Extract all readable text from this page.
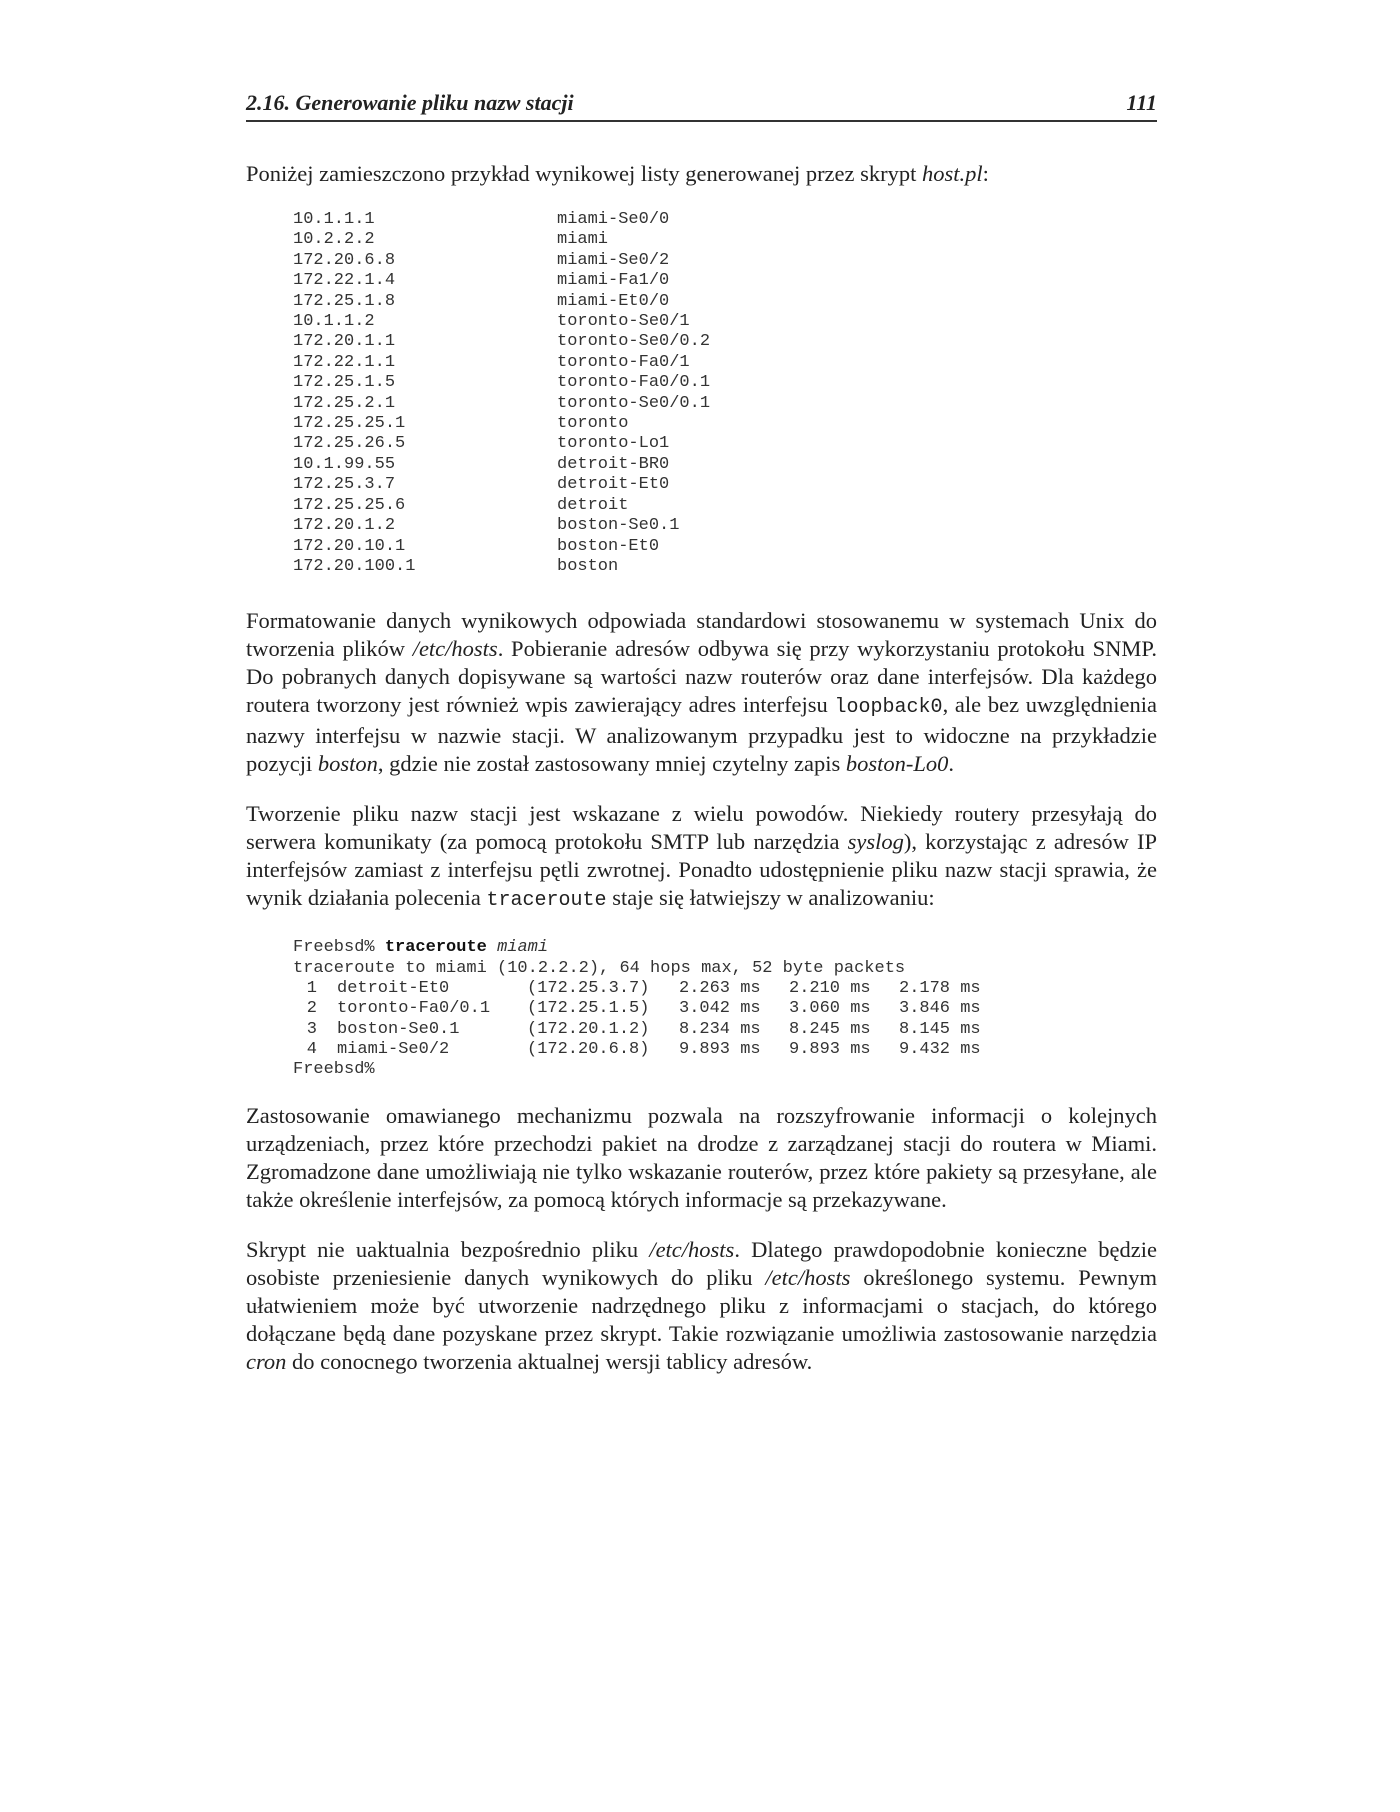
2.16. Generowanie pliku nazw stacji	111

Poniżej zamieszczono przykład wynikowej listy generowanej przez skrypt host.pl:

10.1.1.1	miami-Se0/0
10.2.2.2	miami
172.20.6.8	miami-Se0/2
172.22.1.4	miami-Fa1/0
172.25.1.8	miami-Et0/0
10.1.1.2	toronto-Se0/1
172.20.1.1	toronto-Se0/0.2
172.22.1.1	toronto-Fa0/1
172.25.1.5	toronto-Fa0/0.1
172.25.2.1	toronto-Se0/0.1
172.25.25.1	toronto
172.25.26.5	toronto-Lo1
10.1.99.55	detroit-BR0
172.25.3.7	detroit-Et0
172.25.25.6	detroit
172.20.1.2	boston-Se0.1
172.20.10.1	boston-Et0
172.20.100.1	boston

Formatowanie danych wynikowych odpowiada standardowi stosowanemu w systemach Unix do tworzenia plików /etc/hosts. Pobieranie adresów odbywa się przy wykorzystaniu protokołu SNMP. Do pobranych danych dopisywane są wartości nazw routerów oraz dane interfejsów. Dla każdego routera tworzony jest również wpis zawierający adres interfejsu loopback0, ale bez uwzględnienia nazwy interfejsu w nazwie stacji. W analizowanym przypadku jest to widoczne na przykładzie pozycji boston, gdzie nie został zastosowany mniej czytelny zapis boston-Lo0.

Tworzenie pliku nazw stacji jest wskazane z wielu powodów. Niekiedy routery przesyłają do serwera komunikaty (za pomocą protokołu SMTP lub narzędzia syslog), korzystając z adresów IP interfejsów zamiast z interfejsu pętli zwrotnej. Ponadto udostępnienie pliku nazw stacji sprawia, że wynik działania polecenia traceroute staje się łatwiejszy w analizowaniu:

Freebsd% traceroute miami
traceroute to miami (10.2.2.2), 64 hops max, 52 byte packets
1 detroit-Et0	(172.25.3.7) 2.263 ms 2.210 ms 2.178 ms
2 toronto-Fa0/0.1 (172.25.1.5) 3.042 ms 3.060 ms 3.846 ms
3 boston-Se0.1	(172.20.1.2) 8.234 ms 8.245 ms 8.145 ms
4 miami-Se0/2	(172.20.6.8) 9.893 ms 9.893 ms 9.432 ms
Freebsd%

Zastosowanie omawianego mechanizmu pozwala na rozszyfrowanie informacji o kolejnych urządzeniach, przez które przechodzi pakiet na drodze z zarządzanej stacji do routera w Miami. Zgromadzone dane umożliwiają nie tylko wskazanie routerów, przez które pakiety są przesyłane, ale także określenie interfejsów, za pomocą których informacje są przekazywane.

Skrypt nie uaktualnia bezpośrednio pliku /etc/hosts. Dlatego prawdopodobnie konieczne będzie osobiste przeniesienie danych wynikowych do pliku /etc/hosts określonego systemu. Pewnym ułatwieniem może być utworzenie nadrzędnego pliku z informacjami o stacjach, do którego dołączane będą dane pozyskane przez skrypt. Takie rozwiązanie umożliwia zastosowanie narzędzia cron do conocnego tworzenia aktualnej wersji tablicy adresów.
